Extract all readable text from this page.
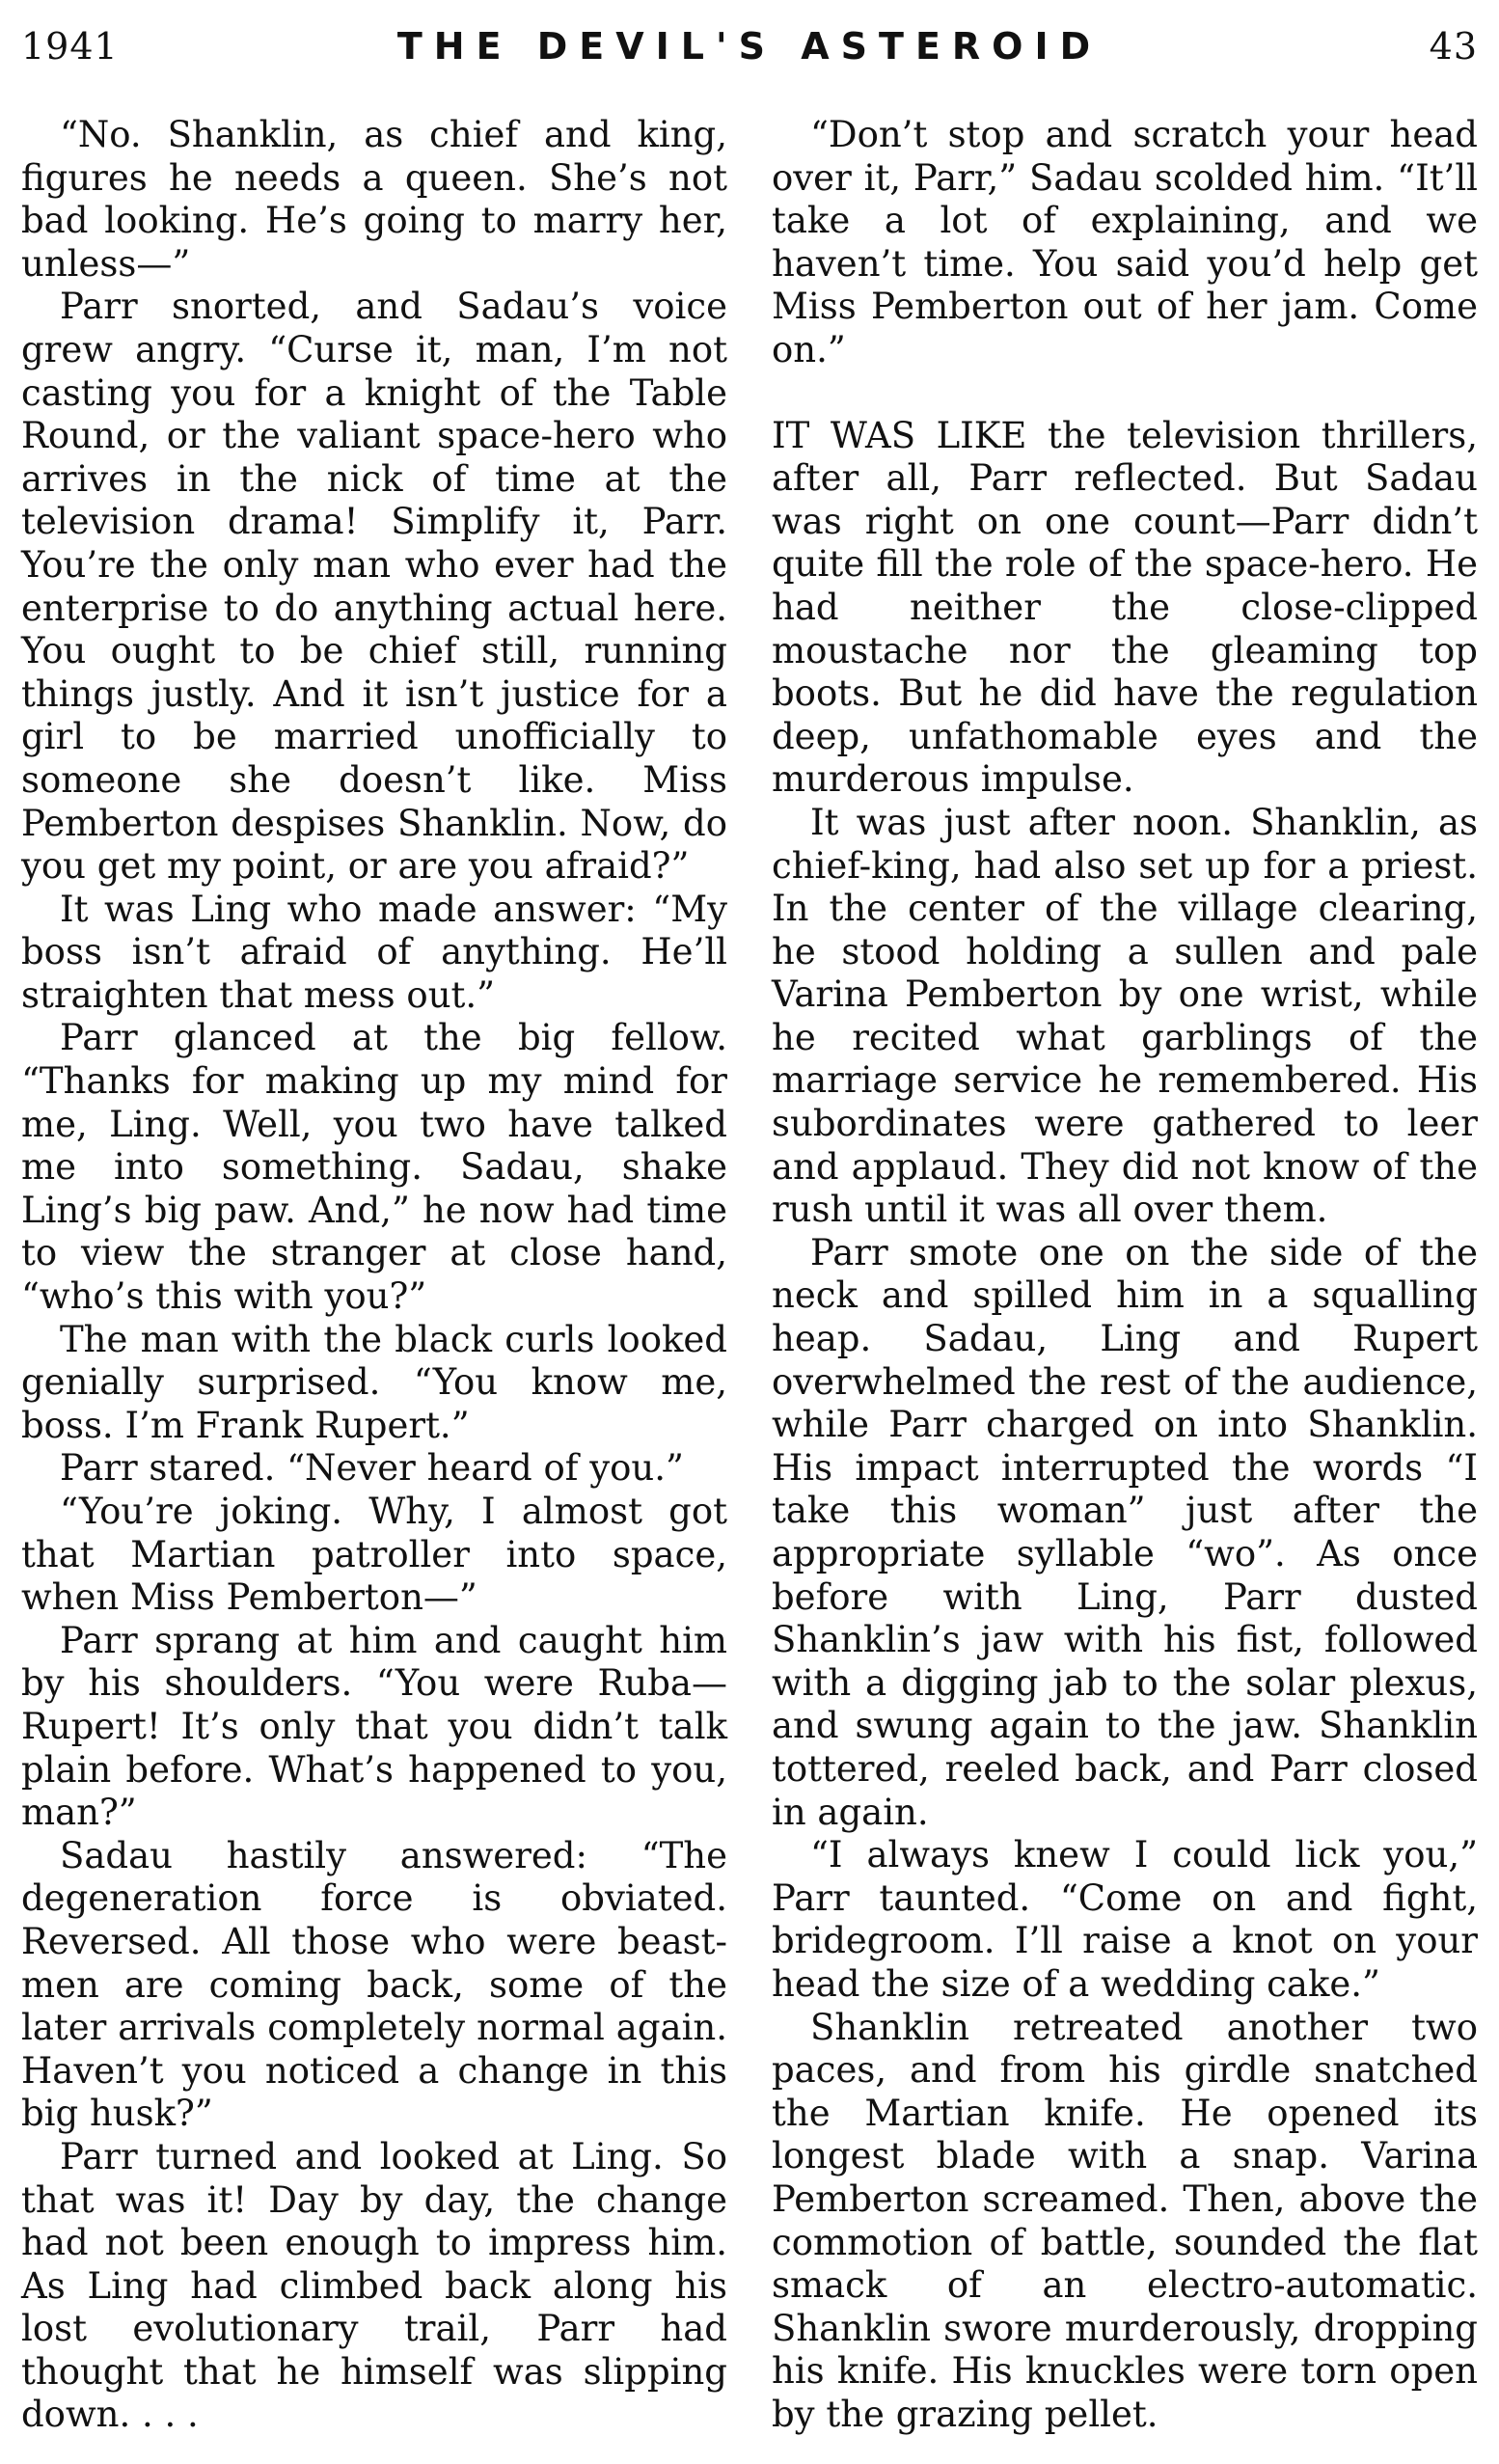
1941	THE DEVIL'S ASTEROID	43

“No. Shanklin, as chief and king, figures he needs a queen. She’s not bad looking. He’s going to marry her, unless—”

Parr snorted, and Sadau’s voice grew angry. “Curse it, man, I’m not casting you for a knight of the Table Round, or the valiant space-hero who arrives in the nick of time at the television drama! Simplify it, Parr. You’re the only man who ever had the enterprise to do anything actual here. You ought to be chief still, running things justly. And it isn’t justice for a girl to be married unofficially to someone she doesn’t like. Miss Pemberton despises Shanklin. Now, do you get my point, or are you afraid?”

It was Ling who made answer: “My boss isn’t afraid of anything. He’ll straighten that mess out.”

Parr glanced at the big fellow. “Thanks for making up my mind for me, Ling. Well, you two have talked me into something. Sadau, shake Ling’s big paw. And,” he now had time to view the stranger at close hand, “who’s this with you?”

The man with the black curls looked genially surprised. “You know me, boss. I’m Frank Rupert.”

Parr stared. “Never heard of you.”

“You’re joking. Why, I almost got that Martian patroller into space, when Miss Pemberton—”

Parr sprang at him and caught him by his shoulders. “You were Ruba—Rupert! It’s only that you didn’t talk plain before. What’s happened to you, man?”

Sadau hastily answered: “The degeneration force is obviated. Reversed. All those who were beast-men are coming back, some of the later arrivals completely normal again. Haven’t you noticed a change in this big husk?”

Parr turned and looked at Ling. So that was it! Day by day, the change had not been enough to impress him. As Ling had climbed back along his lost evolutionary trail, Parr had thought that he himself was slipping down. . . .

“Don’t stop and scratch your head over it, Parr,” Sadau scolded him. “It’ll take a lot of explaining, and we haven’t time. You said you’d help get Miss Pemberton out of her jam. Come on.”

IT WAS LIKE the television thrillers, after all, Parr reflected. But Sadau was right on one count—Parr didn’t quite fill the role of the space-hero. He had neither the close-clipped moustache nor the gleaming top boots. But he did have the regulation deep, unfathomable eyes and the murderous impulse.

It was just after noon. Shanklin, as chief-king, had also set up for a priest. In the center of the village clearing, he stood holding a sullen and pale Varina Pemberton by one wrist, while he recited what garblings of the marriage service he remembered. His subordinates were gathered to leer and applaud. They did not know of the rush until it was all over them.

Parr smote one on the side of the neck and spilled him in a squalling heap. Sadau, Ling and Rupert overwhelmed the rest of the audience, while Parr charged on into Shanklin. His impact interrupted the words “I take this woman” just after the appropriate syllable “wo”. As once before with Ling, Parr dusted Shanklin’s jaw with his fist, followed with a digging jab to the solar plexus, and swung again to the jaw. Shanklin tottered, reeled back, and Parr closed in again.

“I always knew I could lick you,” Parr taunted. “Come on and fight, bridegroom. I’ll raise a knot on your head the size of a wedding cake.”

Shanklin retreated another two paces, and from his girdle snatched the Martian knife. He opened its longest blade with a snap. Varina Pemberton screamed. Then, above the commotion of battle, sounded the flat smack of an electro-automatic. Shanklin swore murderously, dropping his knife. His knuckles were torn open by the grazing pellet.
